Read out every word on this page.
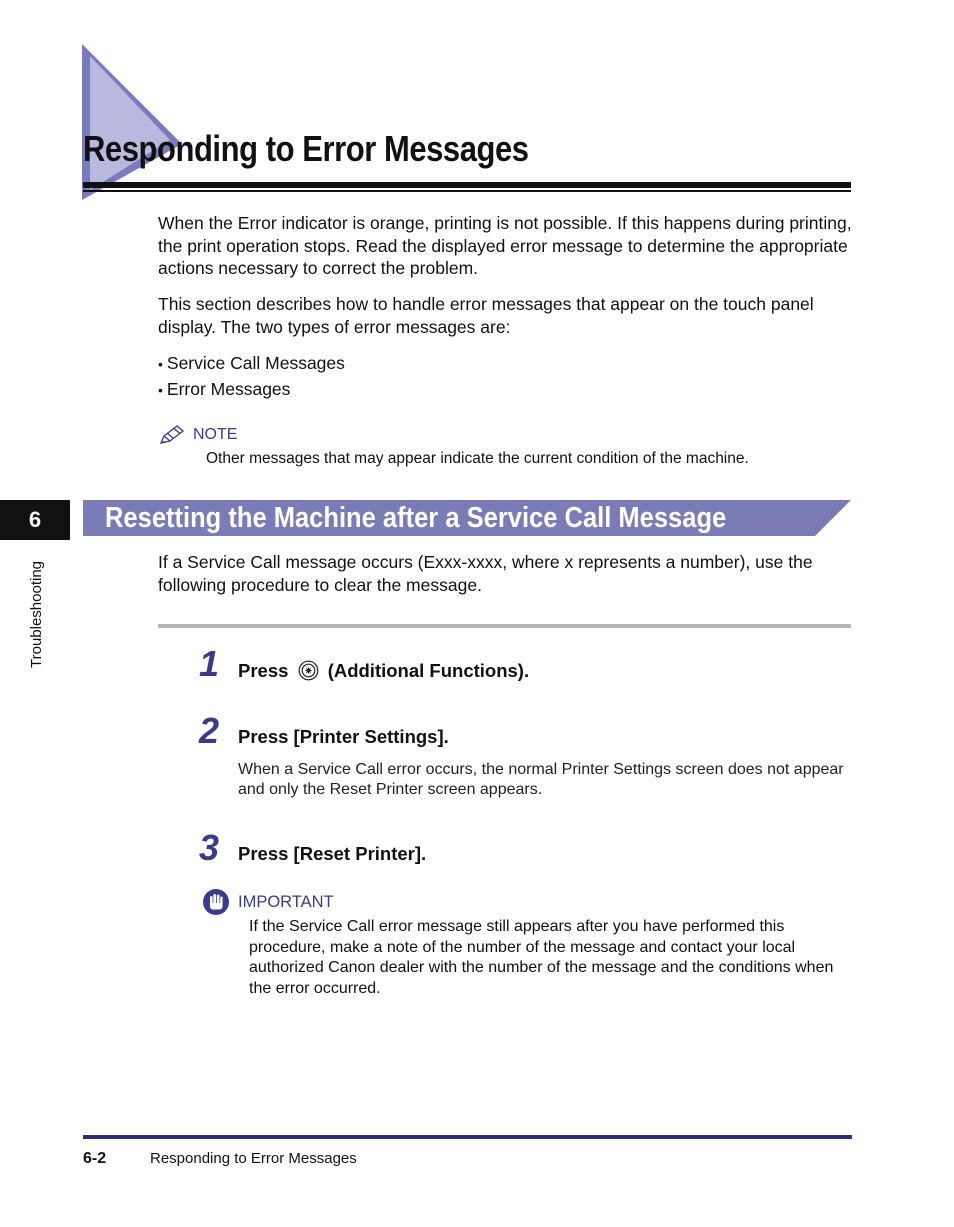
Responding to Error Messages

When the Error indicator is orange, printing is not possible. If this happens during printing, the print operation stops. Read the displayed error message to determine the appropriate actions necessary to correct the problem.

This section describes how to handle error messages that appear on the touch panel display. The two types of error messages are:

• Service Call Messages
• Error Messages
NOTE
Other messages that may appear indicate the current condition of the machine.
6
Troubleshooting
Resetting the Machine after a Service Call Message

If a Service Call message occurs (Exxx-xxxx, where x represents a number), use the following procedure to clear the message.

1 Press (Additional Functions).
2 Press [Printer Settings].

When a Service Call error occurs, the normal Printer Settings screen does not appear and only the Reset Printer screen appears.

3 Press [Reset Printer].
IMPORTANT

If the Service Call error message still appears after you have performed this procedure, make a note of the number of the message and contact your local authorized Canon dealer with the number of the message and the conditions when the error occurred.

6-2	Responding to Error Messages
